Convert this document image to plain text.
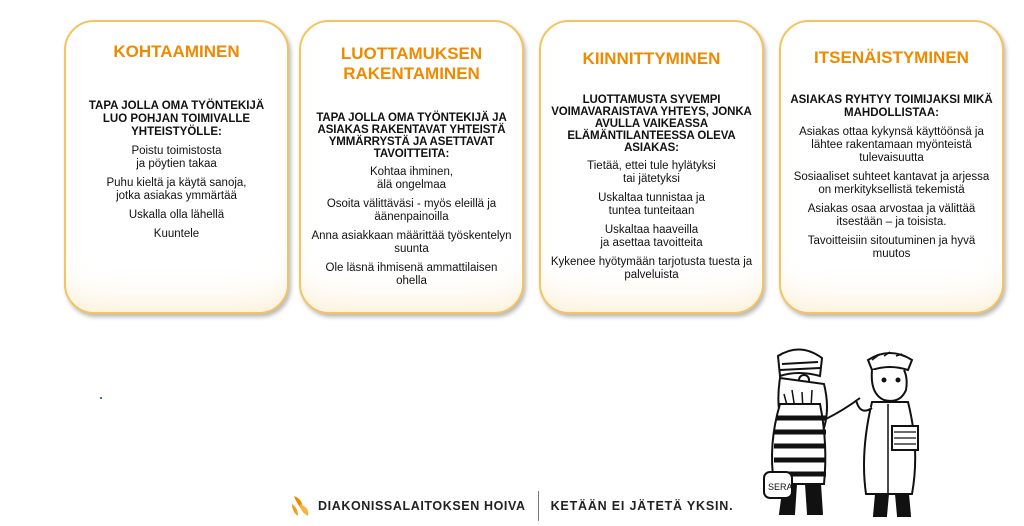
KOHTAAMINEN
TAPA JOLLA OMA TYÖNTEKIJÄ LUO POHJAN TOIMIVALLE YHTEISTYÖLLE:
Poistu toimistosta
ja pöytien takaa
Puhu kieltä ja käytä sanoja,
jotka asiakas ymmärtää
Uskalla olla lähellä
Kuuntele
LUOTTAMUKSEN RAKENTAMINEN
TAPA JOLLA OMA TYÖNTEKIJÄ JA ASIAKAS RAKENTAVAT YHTEISTÄ YMMÄRRYSTÄ JA ASETTAVAT TAVOITTEITA:
Kohtaa ihminen,
älä ongelmaa
Osoita välittäväsi - myös eleillä ja äänenpainoilla
Anna asiakkaan määrittää työskentelyn suunta
Ole läsnä ihmisenä ammattilaisen ohella
KIINNITTYMINEN
LUOTTAMUSTA SYVEMPI VOIMAVARAISTAVA YHTEYS, JONKA AVULLA VAIKEASSA ELÄMÄNTILANTEESSA OLEVA ASIAKAS:
Tietää, ettei tule hylätyksi
tai jätetyksi
Uskaltaa tunnistaa ja
tuntea tunteitaan
Uskaltaa haaveilla
ja asettaa tavoitteita
Kykenee hyötymään tarjotusta tuesta ja palveluista
ITSENÄISTYMINEN
ASIAKAS RYHTYY TOIMIJAKSI MIKÄ MAHDOLLISTAA:
Asiakas ottaa kykynsä käyttöönsä ja lähtee rakentamaan myönteistä tulevaisuutta
Sosiaaliset suhteet kantavat ja arjessa on merkityksellistä tekemistä
Asiakas osaa arvostaa ja välittää itsestään – ja toisista.
Tavoitteisiin sitoutuminen ja hyvä muutos
SERA
DIAKONISSALAITOKSEN HOIVA KETÄÄN EI JÄTETÄ YKSIN.
